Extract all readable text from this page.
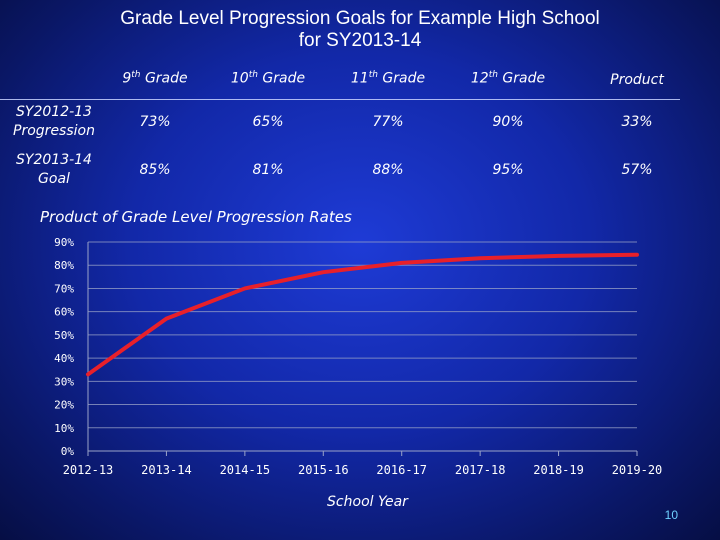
Grade Level Progression Goals for Example High School
for SY2013-14
9th Grade	10th Grade	11th Grade	12th Grade	Product
SY2012-13
Progression
73%	65%	77%	90%	33%
SY2013-14
Goal
85%	81%	88%	95%	57%
Product of Grade Level Progression Rates
0%
10%
20%
30%
40%
50%
60%
70%
80%
90%
2012-13 2013-14 2014-15 2015-16 2016-17 2017-18 2018-19 2019-20
School Year
10
